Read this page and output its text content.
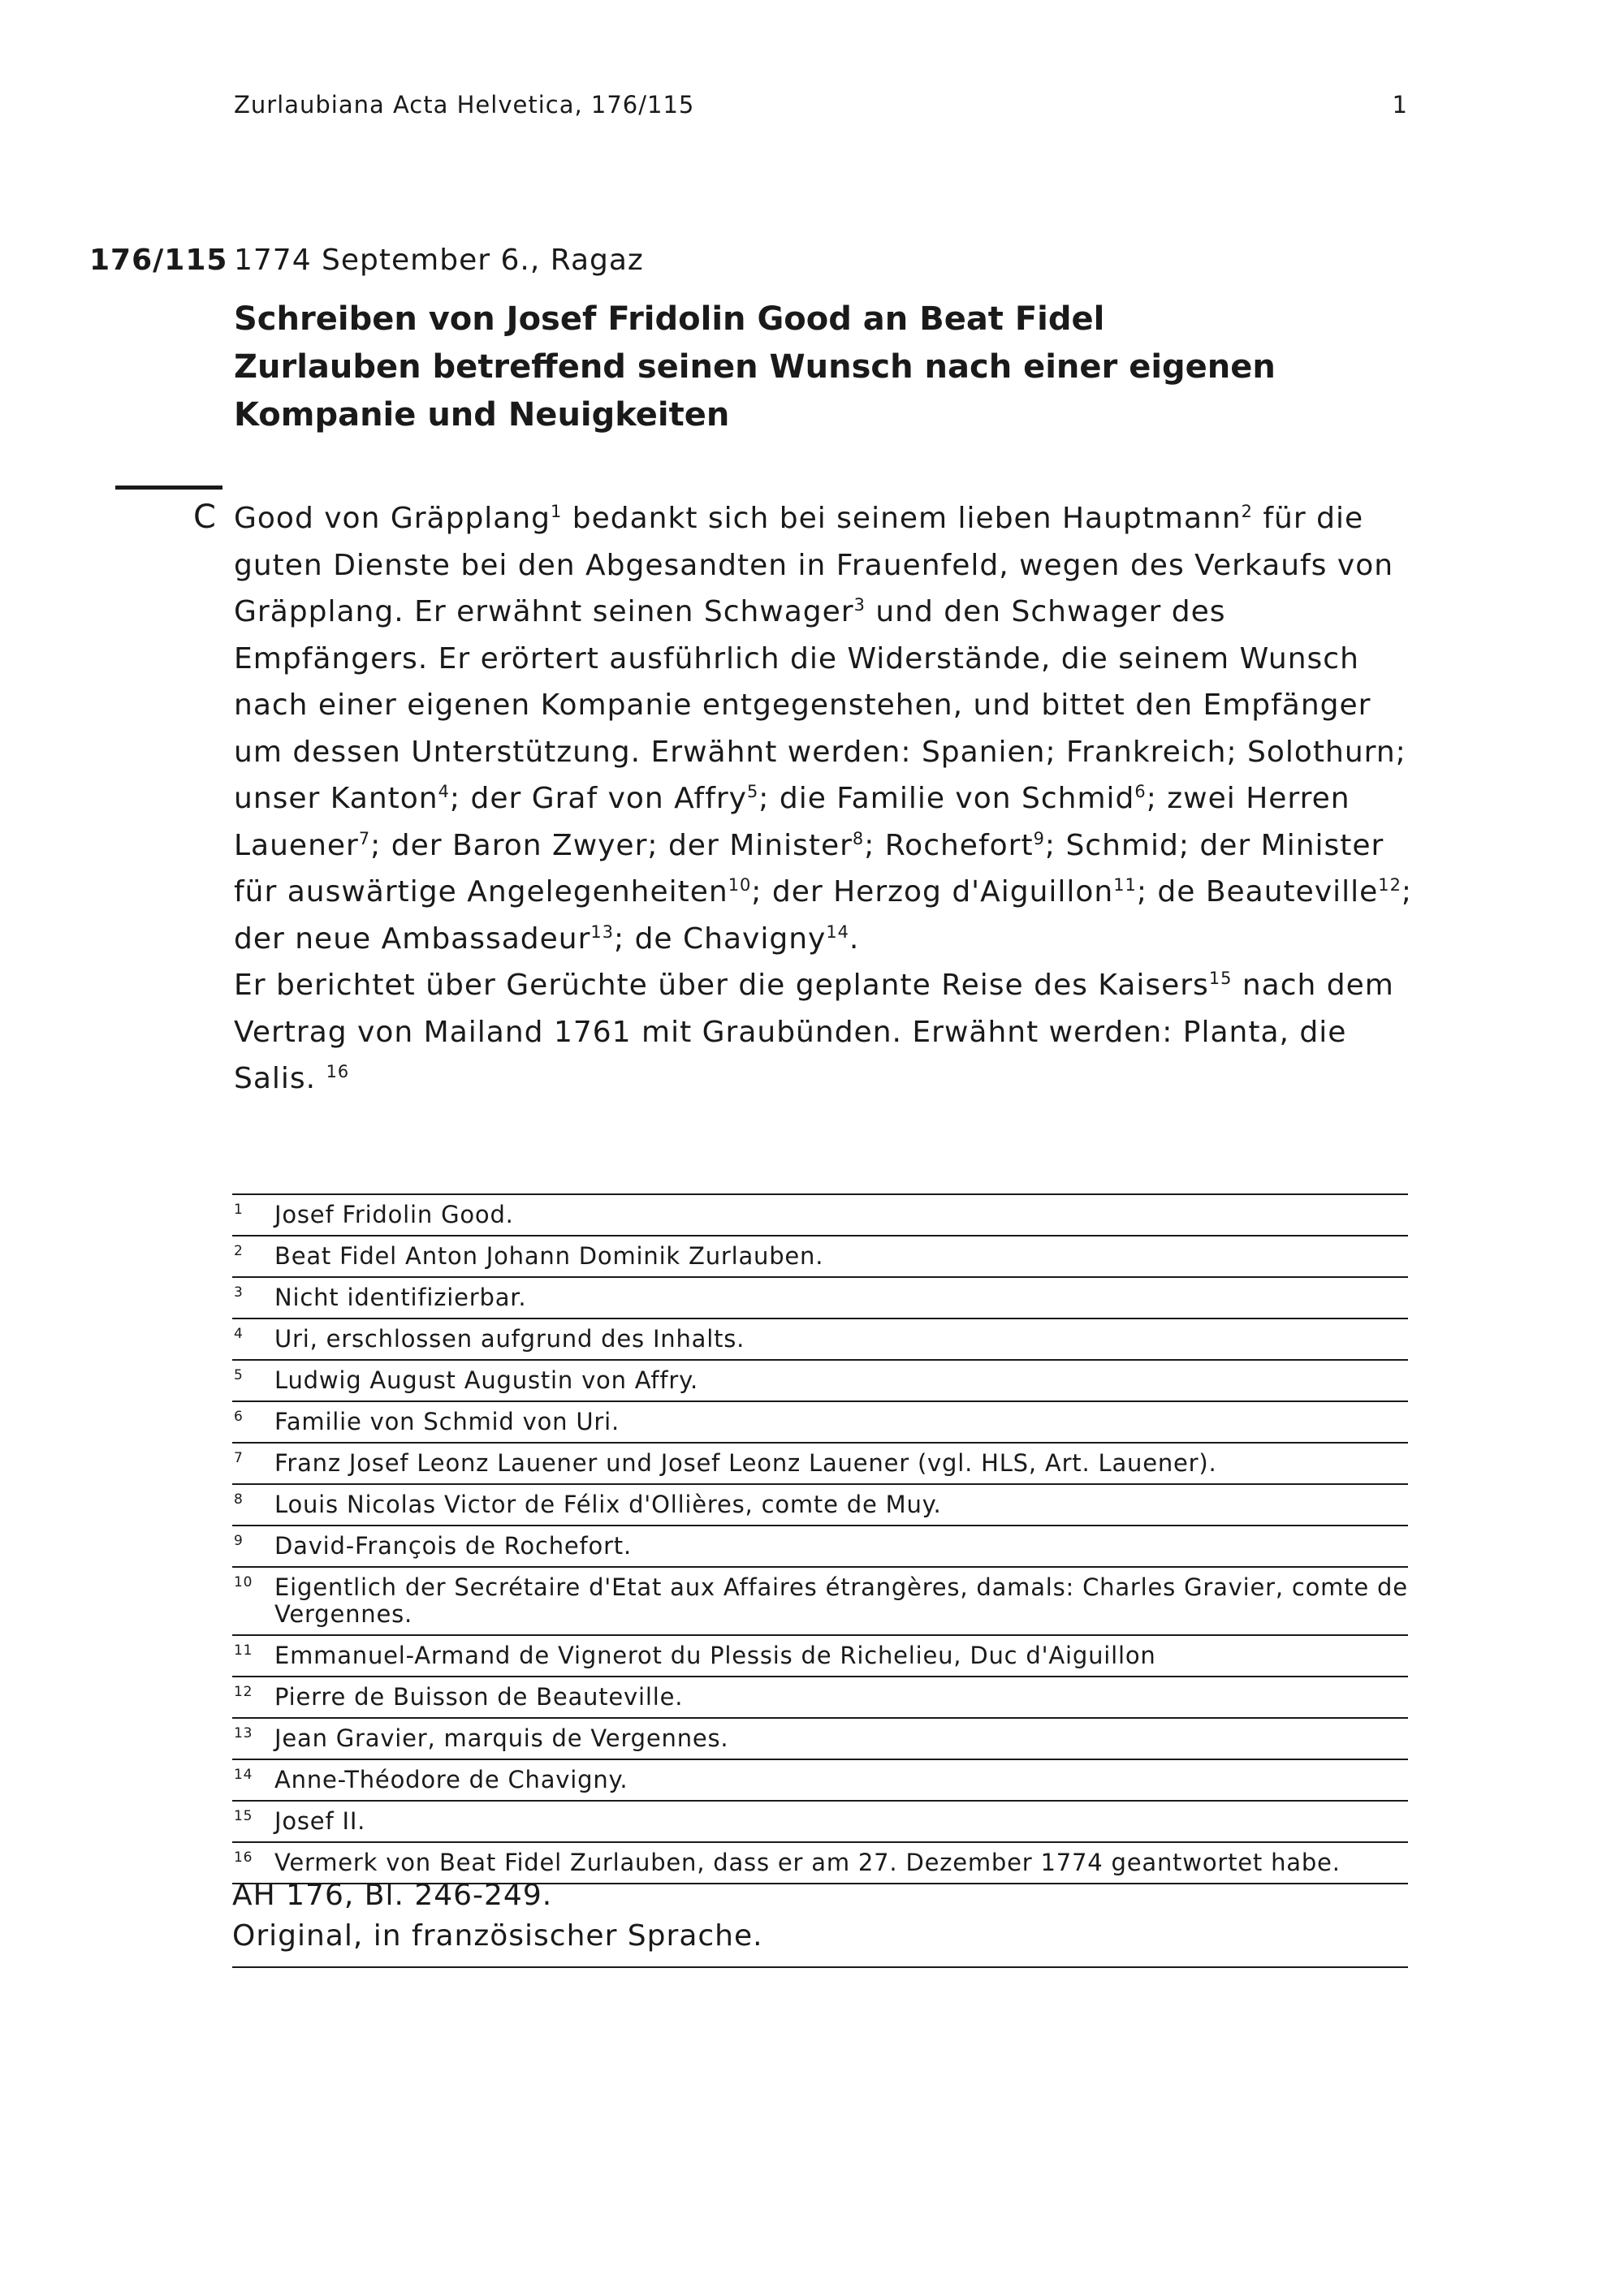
Zurlaubiana Acta Helvetica, 176/115	1
176/115 1774 September 6., Ragaz
Schreiben von Josef Fridolin Good an Beat Fidel Zurlauben betreffend seinen Wunsch nach einer eigenen Kompanie und Neuigkeiten
C Good von Gräpplang$^1$ bedankt sich bei seinem lieben Hauptmann$^2$ für die guten Dienste bei den Abgesandten in Frauenfeld, wegen des Verkaufs von Gräpplang. Er erwähnt seinen Schwager$^3$ und den Schwager des Empfängers. Er erörtert ausführlich die Widerstände, die seinem Wunsch nach einer eigenen Kompanie entgegenstehen, und bittet den Empfänger um dessen Unterstützung. Erwähnt werden: Spanien; Frankreich; Solothurn; unser Kanton$^4$; der Graf von Affry$^5$; die Familie von Schmid$^6$; zwei Herren Lauener$^7$; der Baron Zwyer; der Minister$^8$; Rochefort$^9$; Schmid; der Minister für auswärtige Angelegenheiten$^{10}$; der Herzog d'Aiguillon$^{11}$; de Beauteville$^{12}$; der neue Ambassadeur$^{13}$; de Chavigny$^{14}$.

Er berichtet über Gerüchte über die geplante Reise des Kaisers$^{15}$ nach dem Vertrag von Mailand 1761 mit Graubünden. Erwähnt werden: Planta, die Salis. $^{16}$

1	Josef Fridolin Good.
2	Beat Fidel Anton Johann Dominik Zurlauben.
3	Nicht identifizierbar.
4	Uri, erschlossen aufgrund des Inhalts.
5	Ludwig August Augustin von Affry.
6	Familie von Schmid von Uri.
7	Franz Josef Leonz Lauener und Josef Leonz Lauener (vgl. HLS, Art. Lauener).
8	Louis Nicolas Victor de Félix d'Ollières, comte de Muy.
9	David-François de Rochefort.
10 Eigentlich der Secrétaire d'Etat aux Affaires étrangères, damals: Charles Gravier, comte de Vergennes.
11 Emmanuel-Armand de Vignerot du Plessis de Richelieu, Duc d'Aiguillon
12 Pierre de Buisson de Beauteville.
13 Jean Gravier, marquis de Vergennes.
14 Anne-Théodore de Chavigny.
15 Josef II.
16 Vermerk von Beat Fidel Zurlauben, dass er am 27. Dezember 1774 geantwortet habe.
AH 176, Bl. 246-249.
Original, in französischer Sprache.
